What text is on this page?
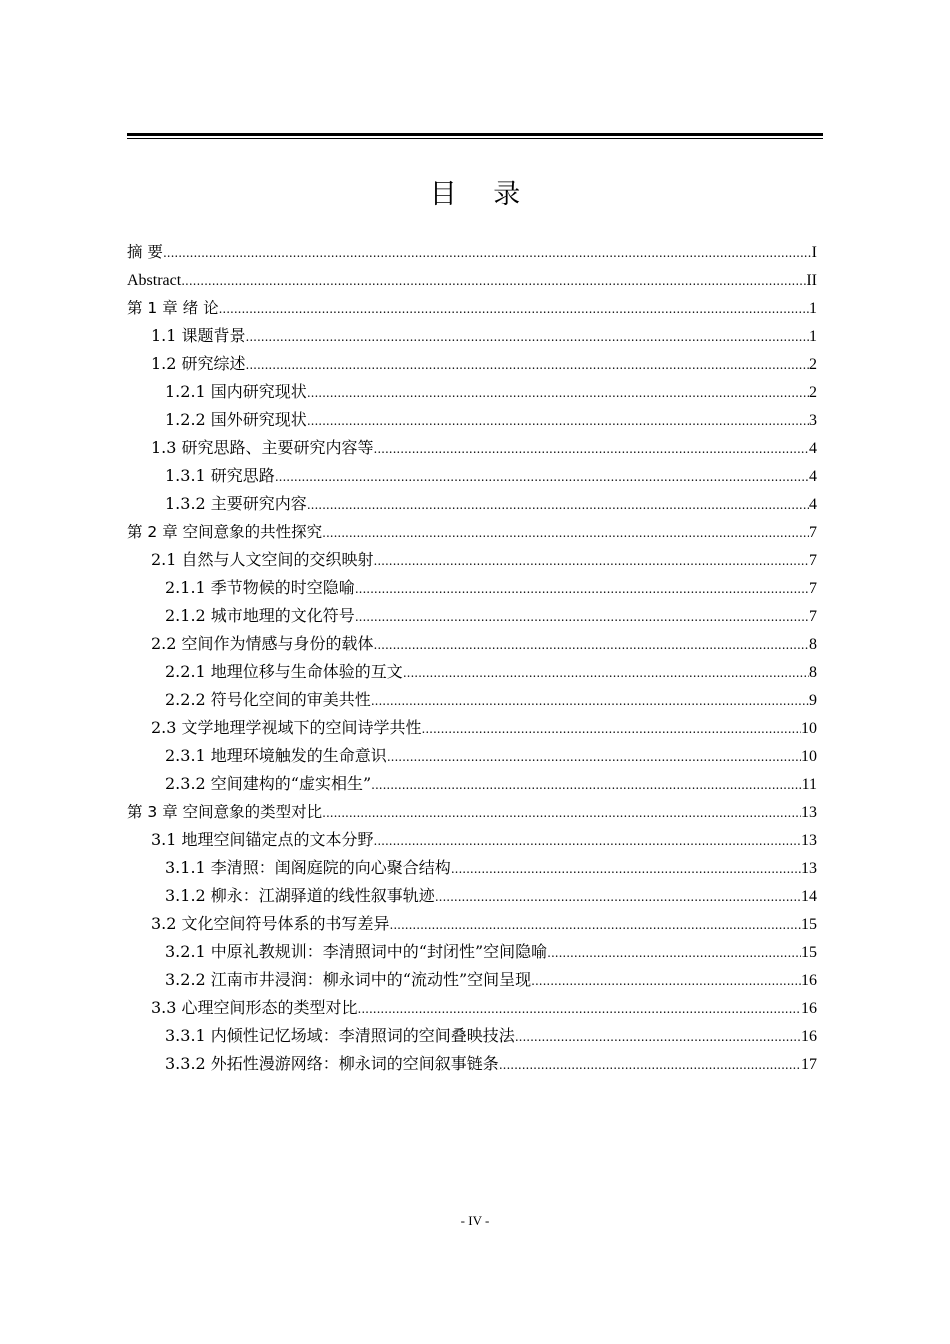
目 录
摘 要 .....	I
Abstract .....	II
第 1 章 绪 论 .....	1
1.1 课题背景 .....	1
1.2 研究综述 .....	2
1.2.1 国内研究现状 .....	2
1.2.2 国外研究现状 .....	3
1.3 研究思路、主要研究内容等 .....	4
1.3.1 研究思路 .....	4
1.3.2 主要研究内容 .....	4
第 2 章 空间意象的共性探究 .....	7
2.1 自然与人文空间的交织映射 .....	7
2.1.1 季节物候的时空隐喻 .....	7
2.1.2 城市地理的文化符号 .....	7
2.2 空间作为情感与身份的载体 .....	8
2.2.1 地理位移与生命体验的互文 .....	8
2.2.2 符号化空间的审美共性 .....	9
2.3 文学地理学视域下的空间诗学共性 .....	10
2.3.1 地理环境触发的生命意识 .....	10
2.3.2 空间建构的“虚实相生” .....	11
第 3 章 空间意象的类型对比 .....	13
3.1 地理空间锚定点的文本分野 .....	13
3.1.1 李清照：闺阁庭院的向心聚合结构 .....	13
3.1.2 柳永：江湖驿道的线性叙事轨迹 .....	14
3.2 文化空间符号体系的书写差异 .....	15
3.2.1 中原礼教规训：李清照词中的“封闭性”空间隐喻 .....	15
3.2.2 江南市井浸润：柳永词中的“流动性”空间呈现 .....	16
3.3 心理空间形态的类型对比 .....	16
3.3.1 内倾性记忆场域：李清照词的空间叠映技法 .....	16
3.3.2 外拓性漫游网络：柳永词的空间叙事链条 .....	17
- IV -
